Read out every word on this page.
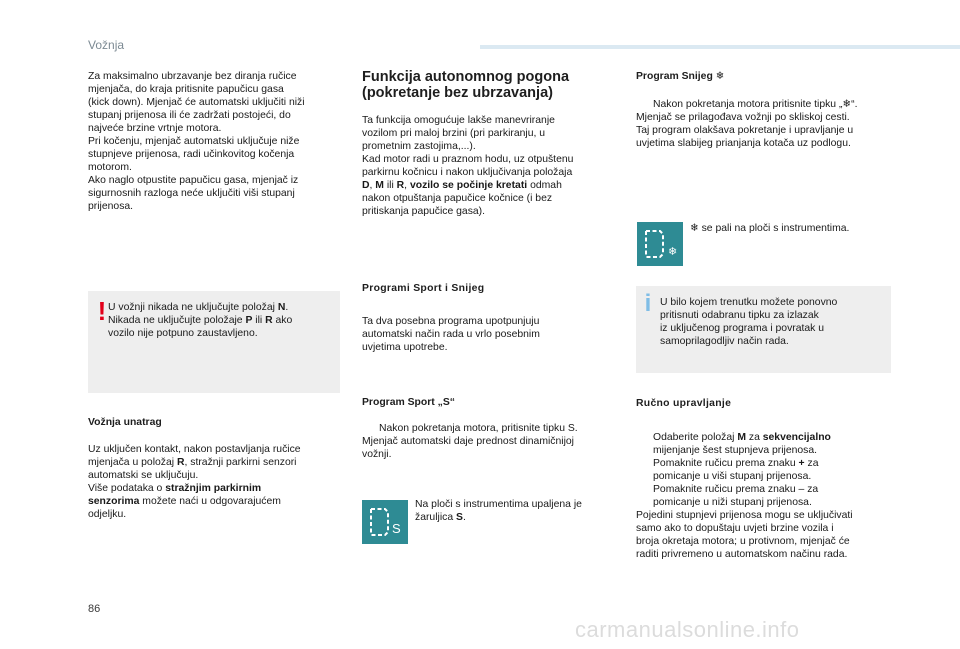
Vožnja

Za maksimalno ubrzavanje bez diranja ručice

mjenjača, do kraja pritisnite papučicu gasa

(kick down). Mjenjač će automatski uključiti niži

stupanj prijenosa ili će zadržati postojeći, do

najveće brzine vrtnje motora.

Pri kočenju, mjenjač automatski uključuje niže

stupnjeve prijenosa, radi učinkovitog kočenja

motorom.

Ako naglo otpustite papučicu gasa, mjenjač iz

sigurnosnih razloga neće uključiti viši stupanj

prijenosa.

! U vožnji nikada ne uključujte položaj N.

Nikada ne uključujte položaje P ili R ako

vozilo nije potpuno zaustavljeno.

Vožnja unatrag

Uz uključen kontakt, nakon postavljanja ručice

mjenjača u položaj R, stražnji parkirni senzori

automatski se uključuju.

Više podataka o stražnjim parkirnim

senzorima možete naći u odgovarajućem

odjeljku.

Funkcija autonomnog pogona
(pokretanje bez ubrzavanja)

Ta funkcija omogućuje lakše manevriranje

vozilom pri maloj brzini (pri parkiranju, u

prometnim zastojima,...).

Kad motor radi u praznom hodu, uz otpuštenu

parkirnu kočnicu i nakon uključivanja položaja

D, M ili R, vozilo se počinje kretati odmah

nakon otpuštanja papučice kočnice (i bez

pritiskanja papučice gasa).

Programi Sport i Snijeg

Ta dva posebna programa upotpunjuju

automatski način rada u vrlo posebnim

uvjetima upotrebe.

Program Sport „S“
Nakon pokretanja motora, pritisnite tipku S.

Mjenjač automatski daje prednost dinamičnijoj

vožnji.

S

Na ploči s instrumentima upaljena je

žaruljica S.

Program Snijeg ❄
Nakon pokretanja motora pritisnite tipku „❄“.

Mjenjač se prilagođava vožnji po skliskoj cesti.

Taj program olakšava pokretanje i upravljanje u

uvjetima slabijeg prianjanja kotača uz podlogu.

❄

❄ se pali na ploči s instrumentima.

i U bilo kojem trenutku možete ponovno

pritisnuti odabranu tipku za izlazak

iz uključenog programa i povratak u

samoprilagodljiv način rada.

Ručno upravljanje

Odaberite položaj M za sekvencijalno

mijenjanje šest stupnjeva prijenosa.

Pomaknite ručicu prema znaku + za

pomicanje u viši stupanj prijenosa.

Pomaknite ručicu prema znaku – za

pomicanje u niži stupanj prijenosa.

Pojedini stupnjevi prijenosa mogu se uključivati

samo ako to dopuštaju uvjeti brzine vozila i

broja okretaja motora; u protivnom, mjenjač će

raditi privremeno u automatskom načinu rada.

86
carmanualsonline.info
